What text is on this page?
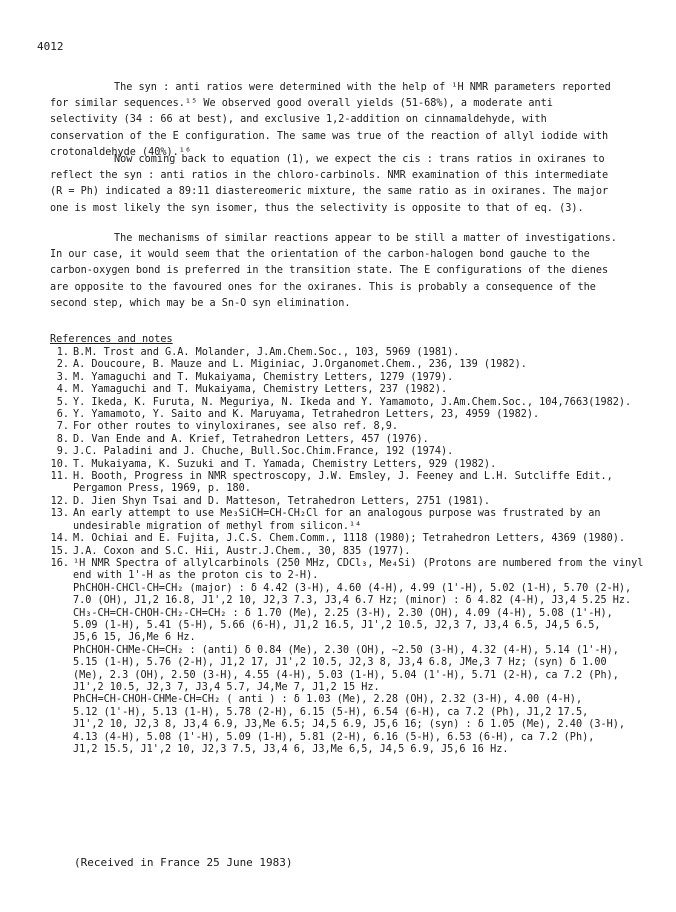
4012

The syn : anti ratios were determined with the help of ¹H NMR parameters reported for similar sequences.¹⁵ We observed good overall yields (51-68%), a moderate anti selectivity (34 : 66 at best), and exclusive 1,2-addition on cinnamaldehyde, with conservation of the E configuration. The same was true of the reaction of allyl iodide with crotonaldehyde (40%).¹⁶

Now coming back to equation (1), we expect the cis : trans ratios in oxiranes to reflect the syn : anti ratios in the chloro-carbinols. NMR examination of this intermediate (R = Ph) indicated a 89:11 diastereomeric mixture, the same ratio as in oxiranes. The major one is most likely the syn isomer, thus the selectivity is opposite to that of eq. (3).

The mechanisms of similar reactions appear to be still a matter of investigations. In our case, it would seem that the orientation of the carbon-halogen bond gauche to the carbon-oxygen bond is preferred in the transition state. The E configurations of the dienes are opposite to the favoured ones for the oxiranes. This is probably a consequence of the second step, which may be a Sn-O syn elimination.

References and notes
1. B.M. Trost and G.A. Molander, J.Am.Chem.Soc., 103, 5969 (1981).
2. A. Doucoure, B. Mauze and L. Miginiac, J.Organomet.Chem., 236, 139 (1982).
3. M. Yamaguchi and T. Mukaiyama, Chemistry Letters, 1279 (1979).
4. M. Yamaguchi and T. Mukaiyama, Chemistry Letters, 237 (1982).
5. Y. Ikeda, K. Furuta, N. Meguriya, N. Ikeda and Y. Yamamoto, J.Am.Chem.Soc., 104,7663(1982).
6. Y. Yamamoto, Y. Saito and K. Maruyama, Tetrahedron Letters, 23, 4959 (1982).
7. For other routes to vinyloxiranes, see also ref. 8,9.
8. D. Van Ende and A. Krief, Tetrahedron Letters, 457 (1976).
9. J.C. Paladini and J. Chuche, Bull.Soc.Chim.France, 192 (1974).
10. T. Mukaiyama, K. Suzuki and T. Yamada, Chemistry Letters, 929 (1982).
11. H. Booth, Progress in NMR spectroscopy, J.W. Emsley, J. Feeney and L.H. Sutcliffe Edit., Pergamon Press, 1969, p. 180.
12. D. Jien Shyn Tsai and D. Matteson, Tetrahedron Letters, 2751 (1981).
13. An early attempt to use Me₃SiCH=CH-CH₂Cl for an analogous purpose was frustrated by an undesirable migration of methyl from silicon.¹⁴
14. M. Ochiai and E. Fujita, J.C.S. Chem.Comm., 1118 (1980); Tetrahedron Letters, 4369 (1980).
15. J.A. Coxon and S.C. Hii, Austr.J.Chem., 30, 835 (1977).
16. ¹H NMR Spectra of allylcarbinols (250 MHz, CDCl₃, Me₄Si) (Protons are numbered from the vinyl end with 1'-H as the proton cis to 2-H).
PhCHOH-CHCl-CH=CH₂ (major) : δ 4.42 (3-H), 4.60 (4-H), 4.99 (1'-H), 5.02 (1-H), 5.70 (2-H),
7.0 (OH), J1,2 16.8, J1',2 10, J2,3 7.3, J3,4 6.7 Hz; (minor) : δ 4.82 (4-H), J3,4 5.25 Hz.
CH₃-CH=CH-CHOH-CH₂-CH=CH₂ : δ 1.70 (Me), 2.25 (3-H), 2.30 (OH), 4.09 (4-H), 5.08 (1'-H),
5.09 (1-H), 5.41 (5-H), 5.66 (6-H), J1,2 16.5, J1',2 10.5, J2,3 7, J3,4 6.5, J4,5 6.5,
J5,6 15, J6,Me 6 Hz.
PhCHOH-CHMe-CH=CH₂ : (anti) δ 0.84 (Me), 2.30 (OH), ~2.50 (3-H), 4.32 (4-H), 5.14 (1'-H),
5.15 (1-H), 5.76 (2-H), J1,2 17, J1',2 10.5, J2,3 8, J3,4 6.8, JMe,3 7 Hz; (syn) δ 1.00
(Me), 2.3 (OH), 2.50 (3-H), 4.55 (4-H), 5.03 (1-H), 5.04 (1'-H), 5.71 (2-H), ca 7.2 (Ph),
J1',2 10.5, J2,3 7, J3,4 5.7, J4,Me 7, J1,2 15 Hz.
PhCH=CH-CHOH-CHMe-CH=CH₂ ( anti ) : δ 1.03 (Me), 2.28 (OH), 2.32 (3-H), 4.00 (4-H),
5.12 (1'-H), 5.13 (1-H), 5.78 (2-H), 6.15 (5-H), 6.54 (6-H), ca 7.2 (Ph), J1,2 17.5,
J1',2 10, J2,3 8, J3,4 6.9, J3,Me 6.5; J4,5 6.9, J5,6 16; (syn) : δ 1.05 (Me), 2.40 (3-H),
4.13 (4-H), 5.08 (1'-H), 5.09 (1-H), 5.81 (2-H), 6.16 (5-H), 6.53 (6-H), ca 7.2 (Ph),
J1,2 15.5, J1',2 10, J2,3 7.5, J3,4 6, J3,Me 6,5, J4,5 6.9, J5,6 16 Hz.
(Received in France 25 June 1983)
